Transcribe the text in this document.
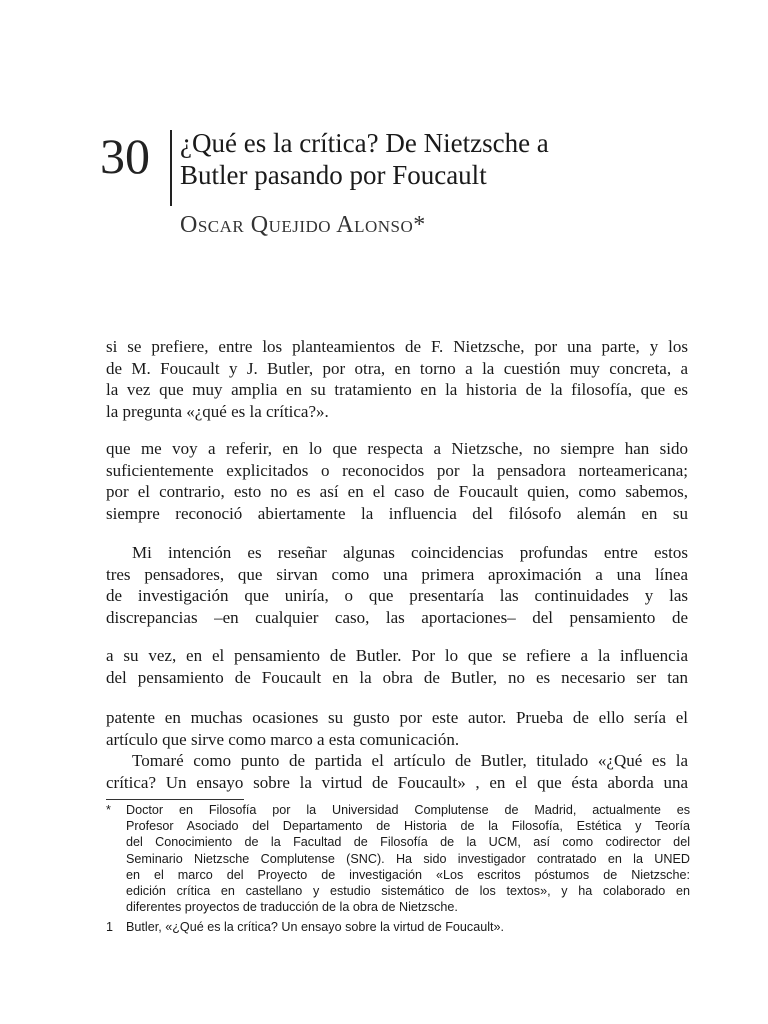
30 ¿Qué es la crítica? De Nietzsche a
Butler pasando por Foucault
Oscar Quejido Alonso*
si se prefiere, entre los planteamientos de F. Nietzsche, por una parte, y los
de M. Foucault y J. Butler, por otra, en torno a la cuestión muy concreta, a
la vez que muy amplia en su tratamiento en la historia de la filosofía, que es
la pregunta «¿qué es la crítica?».
que me voy a referir, en lo que respecta a Nietzsche, no siempre han sido
suficientemente explicitados o reconocidos por la pensadora norteamericana;
por el contrario, esto no es así en el caso de Foucault quien, como sabemos,
siempre reconoció abiertamente la influencia del filósofo alemán en su
Mi intención es reseñar algunas coincidencias profundas entre estos
tres pensadores, que sirvan como una primera aproximación a una línea
de investigación que uniría, o que presentaría las continuidades y las
discrepancias –en cualquier caso, las aportaciones– del pensamiento de
a su vez, en el pensamiento de Butler. Por lo que se refiere a la influencia
del pensamiento de Foucault en la obra de Butler, no es necesario ser tan
patente en muchas ocasiones su gusto por este autor. Prueba de ello sería el
artículo que sirve como marco a esta comunicación.
Tomaré como punto de partida el artículo de Butler, titulado «¿Qué es la
crítica? Un ensayo sobre la virtud de Foucault» , en el que ésta aborda una
* Doctor en Filosofía por la Universidad Complutense de Madrid, actualmente es
Profesor Asociado del Departamento de Historia de la Filosofía, Estética y Teoría
del Conocimiento de la Facultad de Filosofía de la UCM, así como codirector del
Seminario Nietzsche Complutense (SNC). Ha sido investigador contratado en la UNED
en el marco del Proyecto de investigación «Los escritos póstumos de Nietzsche:
edición crítica en castellano y estudio sistemático de los textos», y ha colaborado en
diferentes proyectos de traducción de la obra de Nietzsche.
1 Butler, «¿Qué es la crítica? Un ensayo sobre la virtud de Foucault».
